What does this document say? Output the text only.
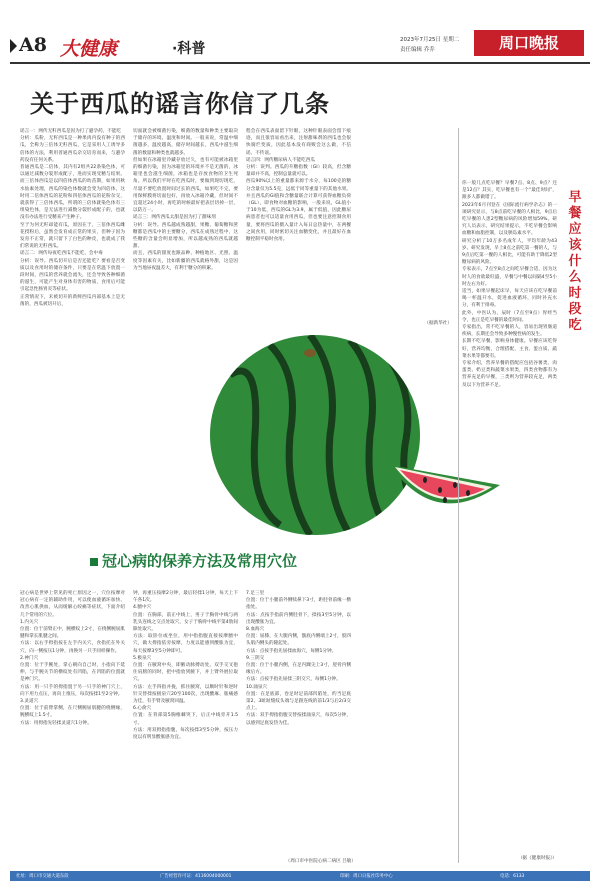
A8 大健康	·科普
2023年7月25日 星期二
责任编辑 乔乔	周口晚报
关于西瓜的谣言你信了几条
谣言一：网传无籽西瓜是因为打了避孕药，不能吃
分析：瓜粉，无籽西瓜是一种果肉内没有种子的西瓜，全称为三倍体无籽西瓜，它是采用人工诱导多倍体的方法，利用普通西瓜杂交培育而来，与避孕药没有任何关系。
普通西瓜是二倍体，其内有2组共22条染色体，可以通过减数分裂形成配子，进而实现受精与结果。而三倍体西瓜是以四倍体西瓜的幼苗期，如果用秋水仙素处理，西瓜的染色体数就会变为四倍体，这时用二倍体西瓜的花粉和四倍体西瓜的花粉杂交，就获得了三倍体西瓜，所谓的三倍体就染色体有三组染色体，是无法进行减数分裂形成配子的，也就没有办法进行受精来产生种子。
至于为何无籽却能有瓜，原因在于，三倍体西瓜雌花授粉后，虽然会发育成正常的果实，但种子因为发育不正常，就只留下了白色的种皮，也就成了我们常说的无籽西瓜。
谣言二：网传每夜吃西瓜不能吃，会中毒
分析：误导。西瓜切开后是否还能吃？要看是否变质以及食用时的储存条件，只要是在常温下放置一段时间，西瓜的营养就会流失，还会导致各种细菌的滋生，可能产生对身体有害的物质，食用后可能引起急性肠胃炎等症状。
正常情况下，未被切开的新鲜西瓜内部基本上是无菌的，西瓜被切开后，
切面就会被细菌污染，细菌的数量和种类主要取决于储存的环境、温度和时间。一般来说，常温中细菌越多，温度越高，储存时间越长，西瓜中滋生细菌的数量和种类也就越多。
但如果在冰箱里冷藏存放过久，也有可能被冰箱里的细菌污染，因为冰箱里的环境并不是无菌的，冰箱里也会滋生细菌，冰箱也是存放食物的卫生死角。所以我们平时在吃西瓜时，要做到现切现吃，尽量不要吃放置时间过长的西瓜，如果吃不完，要用保鲜膜将切面包好，再放入冰箱冷藏，但时间不宜超过24小时，再吃的时候最好把表层切掉一层，以防万一。
谣言三：网传西瓜太甜是因为打了甜味剂
分析：误导。西瓜越成熟越甜，果糖、葡萄糖和蔗糖都是西瓜中的主要糖分，西瓜在成熟过程中，这些糖的含量会明显增加，所以越成熟的西瓜就越甜。
而且，西瓜的甜度也跟品种、种植地区、光照、温度等因素有关，比如新疆的西瓜就格外甜，这是因为当地昼夜温差大，有利于糖分的积累。
程会在西瓜表面留下针眼，这种针眼表面会留下痕迹，而且很容易看出来，注射甜味剂的西瓜也会很快腐烂变质，因此基本没有商贩会这么做，不信谣、不传谣。
谣言四：网传糖尿病人不能吃西瓜
分析：误判。西瓜的升糖指数（GI）较高，但含糖量却并不高，控制总量就可以。
西瓜90%以上的重量都来源于水分，每100克的糖分含量仅为5.5克，远低于同等重量下的其他水果。并且西瓜的GI值和含糖量联合计算可获得血糖负荷（GL），即食物对血糖的影响，一般来说，GL值小于10为低，西瓜的GL为3.9，属于低值，因此糖尿病患者也可以适量食用西瓜，但也要注意控制食用量，要将西瓜的摄入量计入每日总热量中，在两餐之间食用，同时密切关注血糖变化，并且最好在血糖控制平稳时食用。
（据新华社）
冠心病的保养方法及常用穴位
冠心病是世界上常见的死亡原因之一，穴位按摩对冠心病有一定的辅助作用，可以使血液循环加快、改善心肌供血，从而缓解心绞痛等症状，下面介绍几个常用的穴位。
1.内关穴
位置：位于前臂正中，腕横纹上2寸，在桡侧腕屈肌腱和掌长肌腱之间。
方法：以右手拇指按在左手内关穴，食指托在外关穴，向一侧按压1分钟，再换另一只手同样操作。
2.神门穴
位置：位于手腕处，掌心朝向自己时，小指向下延伸，与手腕关节的横纹处有凹陷，在凹陷的位置就是神门穴。
方法：用一只手的拇指置于另一只手的神门穴上，向下用力点压，再向上推压，每次按揉1至2分钟。
3.灵道穴
位置：位于前臂掌侧，在尺侧腕屈肌腱的桡侧缘，腕横纹上1.5寸。
方法：用拇指先轻揉灵道穴1分钟。
钟，再重压按摩2分钟，最后轻揉1分钟，每天上下午各1次。
4.膻中穴
位置：在胸部，前正中线上，男子于胸骨中线与两乳头连线之交点处取穴，女子于胸骨中线平第4肋间隙处取穴。
方法：取卧位或坐位，用中指指腹直接按摩膻中穴，做大拇指依旁按摩，力度以能感到酸胀为宜，每天按摩3至5分钟即可。
5.极泉穴
位置：在腋窝中央，即腋动脉搏动处。双手交叉抱住肩膀的同时，把中指放到腋下，并上臂外展位取穴。
方法：左手四指并拢，抓住腋窝，以顺时针和逆时针交替揉按极泉穴20至100次，出现酸麻、胀痛感为佳，有手臂及腋窝回温。
6.心俞穴
位置：在背部第5胸椎棘突下，后正中线旁开1.5寸。
方法：用双拇指指腹，每次按揉3至5分钟，按压力度以有明显酸胀感为宜。
7.足三里
位置：位于小腿前外侧犊鼻下3寸，距胫骨前缘一横指处。
方法：点按手指前内侧胫骨下，揉按3至5分钟，以出现酸胀为宜。
8.血海穴
位置：屈膝，在大腿内侧，髌底内侧端上2寸，股四头肌内侧头的隆起处。
方法：点按手指先屈揉血海穴，每侧1分钟。
9.三阴交
位置：位于小腿内侧，在足内踝尖上3寸，胫骨内侧缘后方。
方法：点按手指先屈揉三阴交穴，每侧1分钟。
10.涌泉穴
位置：在足底部，卷足时足前部凹陷处，约当足底第2、3趾趾缝纹头端与足跟连线的前1/3与后2/3交点上。
方法：双手拇指指腹交替按揉涌泉穴，每次5分钟，以感到足底发热为佳。
（周口市中医院心病二病区 吕敏）
早餐应该什么时段吃
你一般几点吃早餐？早餐7点、8点、9点？还是12点？其实，吃早餐也有一个“最佳时间”，跟多人都做错了。
2023年6月刊登在《国际流行病学杂志》的一项研究显示，与8点前吃早餐的人相比，9点后吃早餐的人患2型糖尿病的风险增加59%。研究人员表示，研究结果提示，不吃早餐会影响血糖和血脂控制，以及胰岛素水平。
研究分析了10万多名成年人，平均年龄为43岁。研究发现，早上8点之前吃第一餐的人，与9点后吃第一餐的人相比，可能有助于降低2型糖尿病的风险。
专家表示，7点至8点之间吃早餐合适，因为这时人的食欲最旺盛，早餐与中餐以间隔4至5小时左右为好。
适当，如果早餐起床早，每天应该在吃早餐前喝一杯温开水，促进血液循环，同时补充水分，有利于排毒。
此外，中医认为，辰时（7点至9点）胃经当令，也正是吃早餐的最佳时间。
专家指出，常不吃早餐的人，容易出现胃肠道疾病，长期还会导致多种慢性病的发生。
长期不吃早餐，影响身体健康。早餐应该吃得好，营养均衡，合理搭配，主食、蛋白质、蔬菜水果等都要有。
专家介绍，营养早餐的搭配应包括谷薯类、肉蛋类、奶豆类和蔬菜水果类，四类食物都有为营养充足的早餐，三类则为营养较充足，两类及以下为营养不足。
（据《健康时报》）
社址：周口市交通大道东段	广告经营许可证：4116004000001	印刷：周口日报社印务中心	电话：6133
